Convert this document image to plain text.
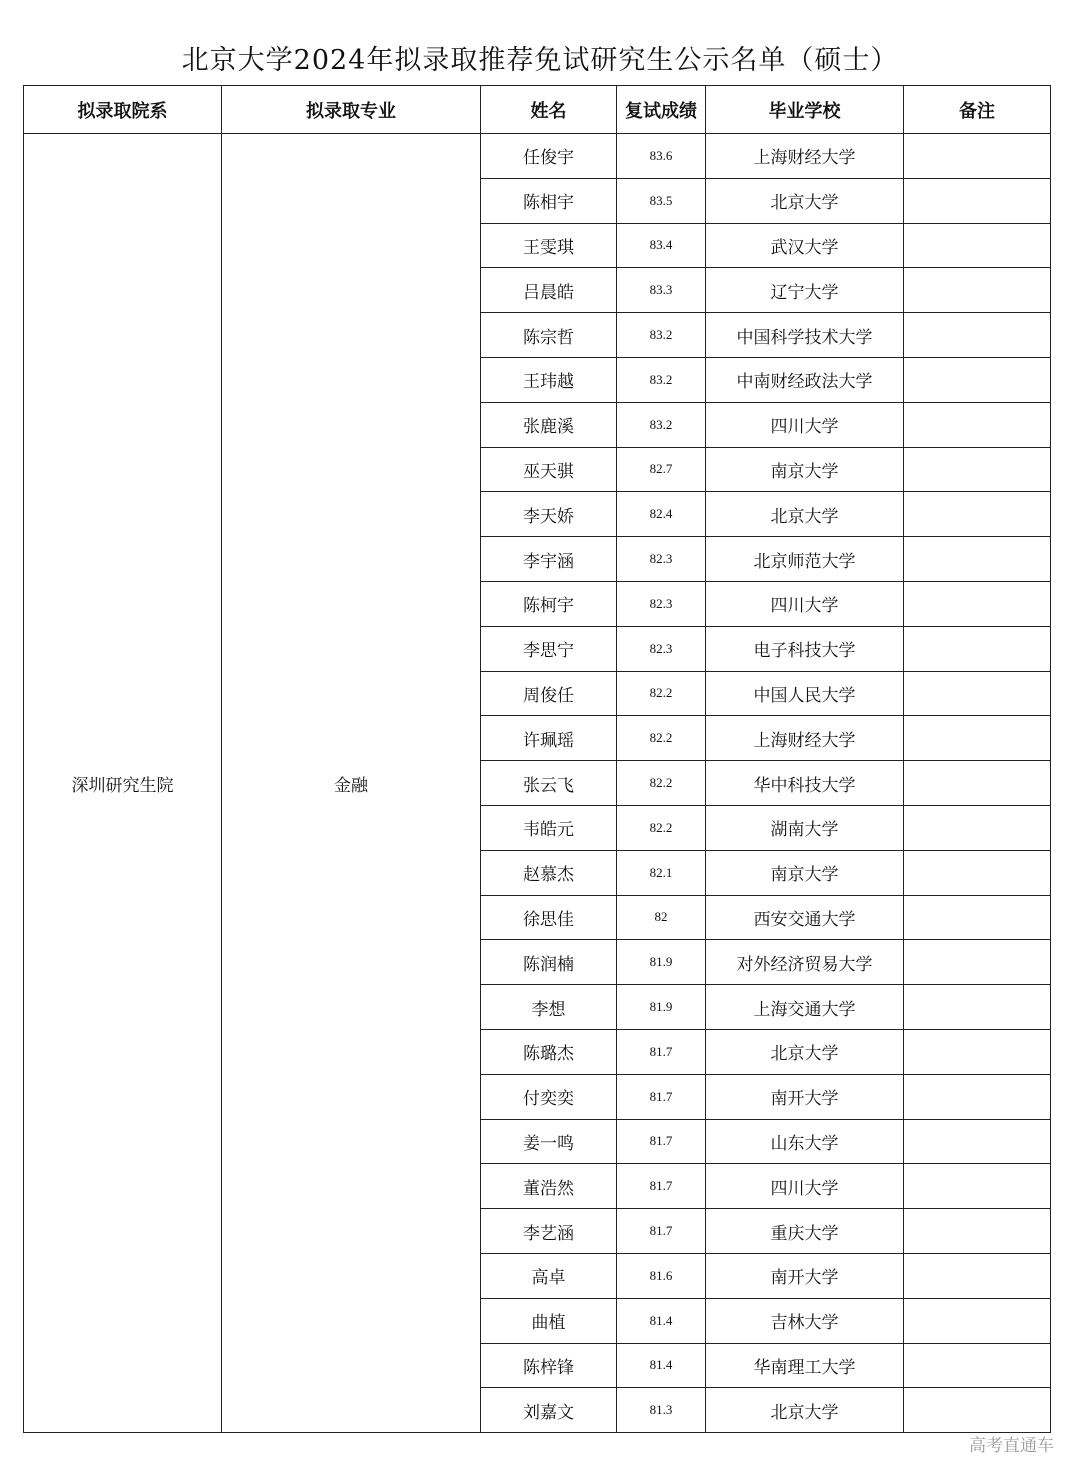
北京大学2024年拟录取推荐免试研究生公示名单（硕士）
拟录取院系	拟录取专业	姓名	复试成绩	毕业学校	备注
深圳研究生院	金融	任俊宇	83.6	上海财经大学	
		陈相宇	83.5	北京大学	
		王雯琪	83.4	武汉大学	
		吕晨皓	83.3	辽宁大学	
		陈宗哲	83.2	中国科学技术大学	
		王玮越	83.2	中南财经政法大学	
		张鹿溪	83.2	四川大学	
		巫天骐	82.7	南京大学	
		李天娇	82.4	北京大学	
		李宇涵	82.3	北京师范大学	
		陈柯宇	82.3	四川大学	
		李思宁	82.3	电子科技大学	
		周俊任	82.2	中国人民大学	
		许珮瑶	82.2	上海财经大学	
		张云飞	82.2	华中科技大学	
		韦皓元	82.2	湖南大学	
		赵慕杰	82.1	南京大学	
		徐思佳	82	西安交通大学	
		陈润楠	81.9	对外经济贸易大学	
		李想	81.9	上海交通大学	
		陈璐杰	81.7	北京大学	
		付奕奕	81.7	南开大学	
		姜一鸣	81.7	山东大学	
		董浩然	81.7	四川大学	
		李艺涵	81.7	重庆大学	
		高卓	81.6	南开大学	
		曲植	81.4	吉林大学	
		陈梓锋	81.4	华南理工大学	
		刘嘉文	81.3	北京大学	
高考直通车
